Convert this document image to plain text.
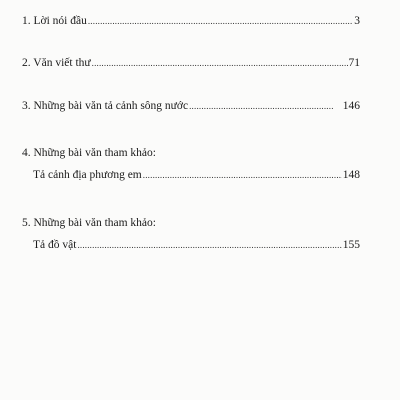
1. Lời nói đầu .....	3
2. Văn viết thư .....	71
3. Những bài văn tả cảnh sông nước .....	146
4. Những bài văn tham khảo:
Tả cảnh địa phương em .....	148
5. Những bài văn tham khảo:
Tả đồ vật .....	155
